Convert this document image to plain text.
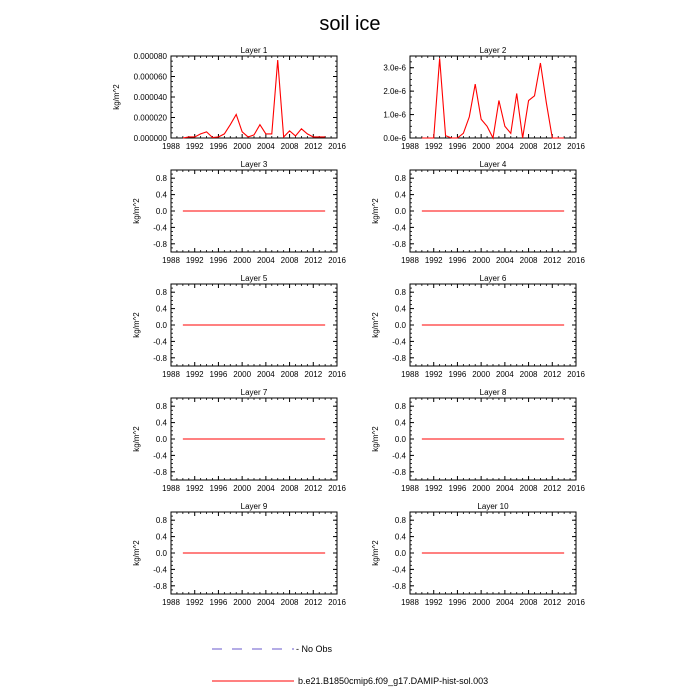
soil ice
Layer 1
1988 1992 1996 2000 2004 2008 2012 2016
0.000000
0.000020
0.000040
0.000060
0.000080
kg/m^2
Layer 2
1988 1992 1996 2000 2004 2008 2012 2016
0.0e-6
1.0e-6
2.0e-6
3.0e-6
Layer 3
1988 1992 1996 2000 2004 2008 2012 2016
-0.8
-0.4
0.0
0.4
0.8
kg/m^2
Layer 4
1988 1992 1996 2000 2004 2008 2012 2016
-0.8
-0.4
0.0
0.4
0.8
kg/m^2
Layer 5
1988 1992 1996 2000 2004 2008 2012 2016
-0.8
-0.4
0.0
0.4
0.8
kg/m^2
Layer 6
1988 1992 1996 2000 2004 2008 2012 2016
-0.8
-0.4
0.0
0.4
0.8
kg/m^2
Layer 7
1988 1992 1996 2000 2004 2008 2012 2016
-0.8
-0.4
0.0
0.4
0.8
kg/m^2
Layer 8
1988 1992 1996 2000 2004 2008 2012 2016
-0.8
-0.4
0.0
0.4
0.8
kg/m^2
Layer 9
1988 1992 1996 2000 2004 2008 2012 2016
-0.8
-0.4
0.0
0.4
0.8
kg/m^2
Layer 10
1988 1992 1996 2000 2004 2008 2012 2016
-0.8
-0.4
0.0
0.4
0.8
kg/m^2
- No Obs
b.e21.B1850cmip6.f09_g17.DAMIP-hist-sol.003
